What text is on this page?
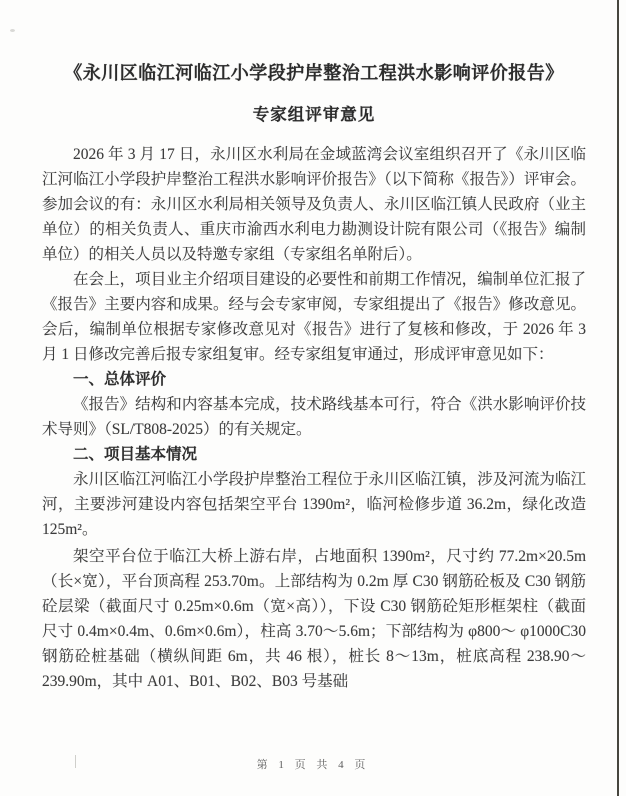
《永川区临江河临江小学段护岸整治工程洪水影响评价报告》
专家组评审意见

2026 年 3 月 17 日，永川区水利局在金域蓝湾会议室组织召开了《永川区临江河临江小学段护岸整治工程洪水影响评价报告》（以下简称《报告》）评审会。参加会议的有：永川区水利局相关领导及负责人、永川区临江镇人民政府（业主单位）的相关负责人、重庆市渝西水利电力勘测设计院有限公司（《报告》编制单位）的相关人员以及特邀专家组（专家组名单附后）。

在会上，项目业主介绍项目建设的必要性和前期工作情况，编制单位汇报了《报告》主要内容和成果。经与会专家审阅，专家组提出了《报告》修改意见。会后，编制单位根据专家修改意见对《报告》进行了复核和修改，于 2026 年 3 月 1 日修改完善后报专家组复审。经专家组复审通过，形成评审意见如下：

一、总体评价

《报告》结构和内容基本完成，技术路线基本可行，符合《洪水影响评价技术导则》（SL/T808-2025）的有关规定。

二、项目基本情况

永川区临江河临江小学段护岸整治工程位于永川区临江镇，涉及河流为临江河，主要涉河建设内容包括架空平台 1390m²，临河检修步道 36.2m，绿化改造 125m²。

架空平台位于临江大桥上游右岸，占地面积 1390m²，尺寸约 77.2m×20.5m（长×宽），平台顶高程 253.70m。上部结构为 0.2m 厚 C30 钢筋砼板及 C30 钢筋砼层梁（截面尺寸 0.25m×0.6m（宽×高）），下设 C30 钢筋砼矩形框架柱（截面尺寸 0.4m×0.4m、0.6m×0.6m），柱高 3.70～5.6m；下部结构为 φ800～ φ1000C30 钢筋砼桩基础（横纵间距 6m，共 46 根），桩长 8～13m，桩底高程 238.90～239.90m，其中 A01、B01、B02、B03 号基础

第 1 页 共 4 页
